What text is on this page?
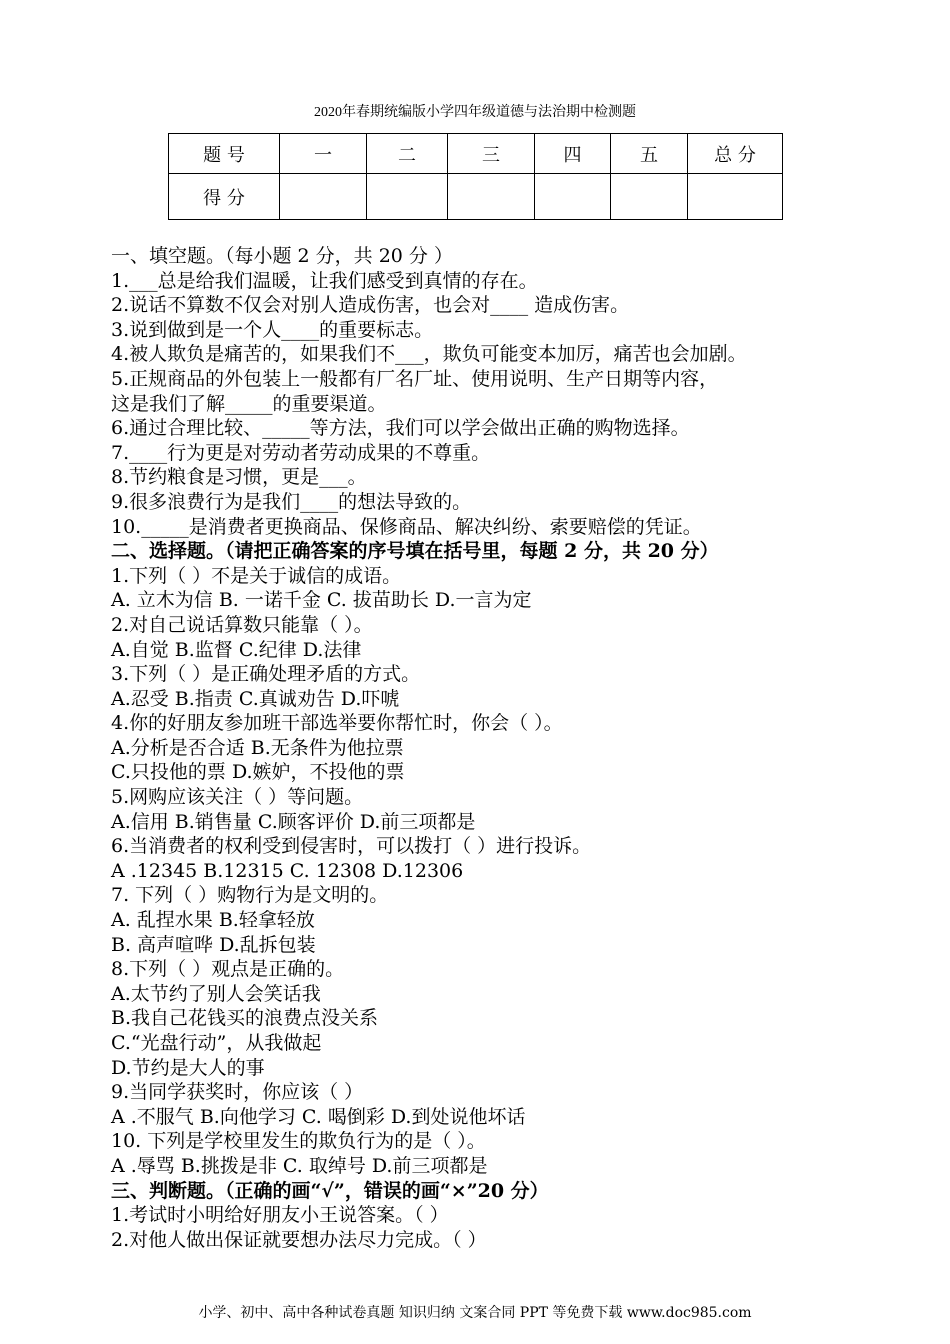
2020年春期统编版小学四年级道德与法治期中检测题
题 号	一	二	三	四	五	总 分
得 分						
一、填空题。（每小题 2 分，共 20 分 ）
1.___总是给我们温暖，让我们感受到真情的存在。
2.说话不算数不仅会对别人造成伤害，也会对____ 造成伤害。
3.说到做到是一个人____的重要标志。
4.被人欺负是痛苦的，如果我们不___，欺负可能变本加厉，痛苦也会加剧。
5.正规商品的外包装上一般都有厂名厂址、使用说明、生产日期等内容，
这是我们了解_____的重要渠道。
6.通过合理比较、_____等方法，我们可以学会做出正确的购物选择。
7.____行为更是对劳动者劳动成果的不尊重。
8.节约粮食是习惯，更是___。
9.很多浪费行为是我们____的想法导致的。
10._____是消费者更换商品、保修商品、解决纠纷、索要赔偿的凭证。
二、选择题。（请把正确答案的序号填在括号里，每题 2 分，共 20 分）
1.下列（ ）不是关于诚信的成语。
A. 立木为信 B. 一诺千金 C. 拔苗助长 D.一言为定
2.对自己说话算数只能靠（ ）。
A.自觉 B.监督 C.纪律 D.法律
3.下列（ ）是正确处理矛盾的方式。
A.忍受 B.指责 C.真诚劝告 D.吓唬
4.你的好朋友参加班干部选举要你帮忙时，你会（ ）。
A.分析是否合适 B.无条件为他拉票
C.只投他的票 D.嫉妒，不投他的票
5.网购应该关注（ ）等问题。
A.信用 B.销售量 C.顾客评价 D.前三项都是
6.当消费者的权利受到侵害时，可以拨打（ ）进行投诉。
A .12345 B.12315 C. 12308 D.12306
7. 下列（ ）购物行为是文明的。
A. 乱捏水果 B.轻拿轻放
B. 高声喧哗 D.乱拆包装
8.下列（ ）观点是正确的。
A.太节约了别人会笑话我
B.我自己花钱买的浪费点没关系
C.“光盘行动”，从我做起
D.节约是大人的事
9.当同学获奖时，你应该（ ）
A .不服气 B.向他学习 C. 喝倒彩 D.到处说他坏话
10. 下列是学校里发生的欺负行为的是（ ）。
A .辱骂 B.挑拨是非 C. 取绰号 D.前三项都是
三、判断题。（正确的画“√”，错误的画“×”20 分）
1.考试时小明给好朋友小王说答案。（ ）
2.对他人做出保证就要想办法尽力完成。（ ）
小学、初中、高中各种试卷真题 知识归纳 文案合同 PPT 等免费下载 www.doc985.com
